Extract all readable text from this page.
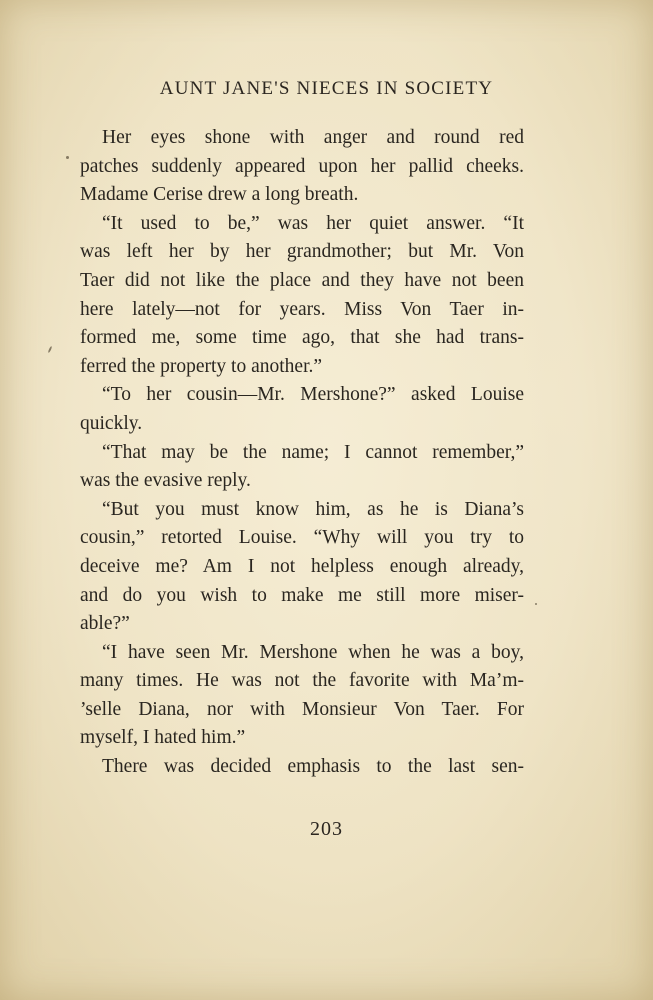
AUNT JANE'S NIECES IN SOCIETY
Her eyes shone with anger and round red
patches suddenly appeared upon her pallid cheeks.
Madame Cerise drew a long breath.
“It used to be,” was her quiet answer. “It
was left her by her grandmother; but Mr. Von
Taer did not like the place and they have not been
here lately—not for years. Miss Von Taer in-
formed me, some time ago, that she had trans-
ferred the property to another.”
“To her cousin—Mr. Mershone?” asked Louise
quickly.
“That may be the name; I cannot remember,”
was the evasive reply.
“But you must know him, as he is Diana’s
cousin,” retorted Louise. “Why will you try to
deceive me? Am I not helpless enough already,
and do you wish to make me still more miser-
able?”
“I have seen Mr. Mershone when he was a boy,
many times. He was not the favorite with Ma’m-
’selle Diana, nor with Monsieur Von Taer. For
myself, I hated him.”
There was decided emphasis to the last sen-
203
